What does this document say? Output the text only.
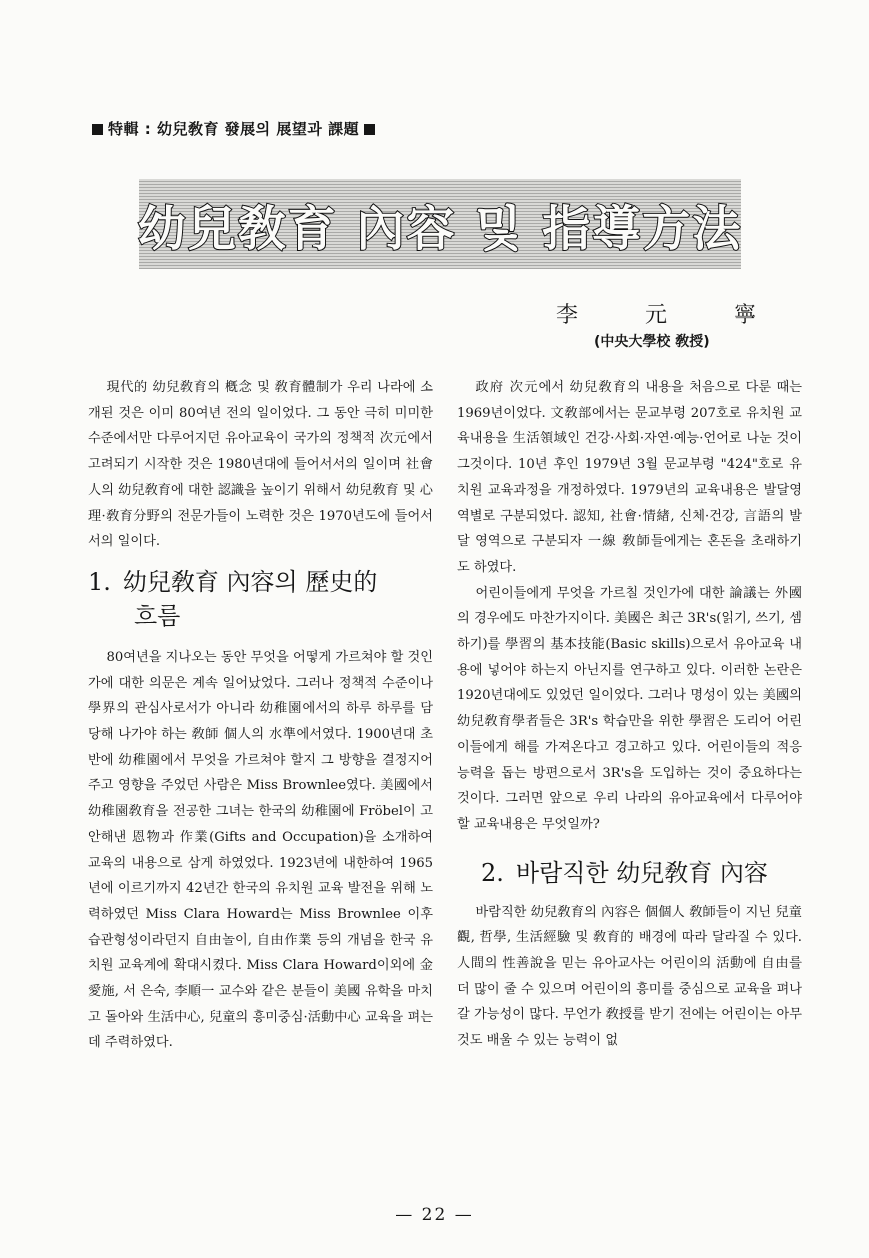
特輯 : 幼兒敎育 發展의 展望과 課題
幼兒敎育 內容 및 指導方法
李	元	寧
(中央大學校 敎授)

現代的 幼兒敎育의 槪念 및 敎育體制가 우리 나라에 소개된 것은 이미 80여년 전의 일이었다. 그 동안 극히 미미한 수준에서만 다루어지던 유아교육이 국가의 정책적 次元에서 고려되기 시작한 것은 1980년대에 들어서서의 일이며 社會人의 幼兒敎育에 대한 認識을 높이기 위해서 幼兒敎育 및 心理·敎育分野의 전문가들이 노력한 것은 1970년도에 들어서서의 일이다.

1. 幼兒敎育 內容의 歷史的
흐름

80여년을 지나오는 동안 무엇을 어떻게 가르쳐야 할 것인가에 대한 의문은 계속 일어났었다. 그러나 정책적 수준이나 學界의 관심사로서가 아니라 幼稚園에서의 하루 하루를 담당해 나가야 하는 敎師 個人의 水準에서였다. 1900년대 초반에 幼稚園에서 무엇을 가르쳐야 할지 그 방향을 결정지어 주고 영향을 주었던 사람은 Miss Brownlee였다. 美國에서 幼稚園敎育을 전공한 그녀는 한국의 幼稚園에 Fröbel이 고안해낸 恩物과 作業(Gifts and Occupation)을 소개하여 교육의 내용으로 삼게 하였었다. 1923년에 내한하여 1965년에 이르기까지 42년간 한국의 유치원 교육 발전을 위해 노력하였던 Miss Clara Howard는 Miss Brownlee 이후 습관형성이라던지 自由놀이, 自由作業 등의 개념을 한국 유치원 교육계에 확대시켰다. Miss Clara Howard이외에 金愛施, 서 은숙, 李順一 교수와 같은 분들이 美國 유학을 마치고 돌아와 生活中心, 兒童의 흥미중심·活動中心 교육을 펴는데 주력하였다.

政府 次元에서 幼兒敎育의 내용을 처음으로 다룬 때는 1969년이었다. 文敎部에서는 문교부령 207호로 유치원 교육내용을 生活領域인 건강·사회·자연·예능·언어로 나눈 것이 그것이다. 10년 후인 1979년 3월 문교부령 "424"호로 유치원 교육과정을 개정하였다. 1979년의 교육내용은 발달영역별로 구분되었다. 認知, 社會·情緖, 신체·건강, 言語의 발달 영역으로 구분되자 一線 敎師들에게는 혼돈을 초래하기도 하였다.

어린이들에게 무엇을 가르칠 것인가에 대한 論議는 外國의 경우에도 마찬가지이다. 美國은 최근 3R's(읽기, 쓰기, 셈하기)를 學習의 基本技能(Basic skills)으로서 유아교육 내용에 넣어야 하는지 아닌지를 연구하고 있다. 이러한 논란은 1920년대에도 있었던 일이었다. 그러나 명성이 있는 美國의 幼兒敎育學者들은 3R's 학습만을 위한 學習은 도리어 어린이들에게 해를 가져온다고 경고하고 있다. 어린이들의 적응 능력을 돕는 방편으로서 3R's을 도입하는 것이 중요하다는 것이다. 그러면 앞으로 우리 나라의 유아교육에서 다루어야 할 교육내용은 무엇일까?

2. 바람직한 幼兒敎育 內容

바람직한 幼兒敎育의 內容은 個個人 敎師들이 지닌 兒童觀, 哲學, 生活經驗 및 敎育的 배경에 따라 달라질 수 있다. 人間의 性善說을 믿는 유아교사는 어린이의 活動에 自由를 더 많이 줄 수 있으며 어린이의 흥미를 중심으로 교육을 펴나갈 가능성이 많다. 무언가 敎授를 받기 전에는 어린이는 아무것도 배울 수 있는 능력이 없

— 22 —
